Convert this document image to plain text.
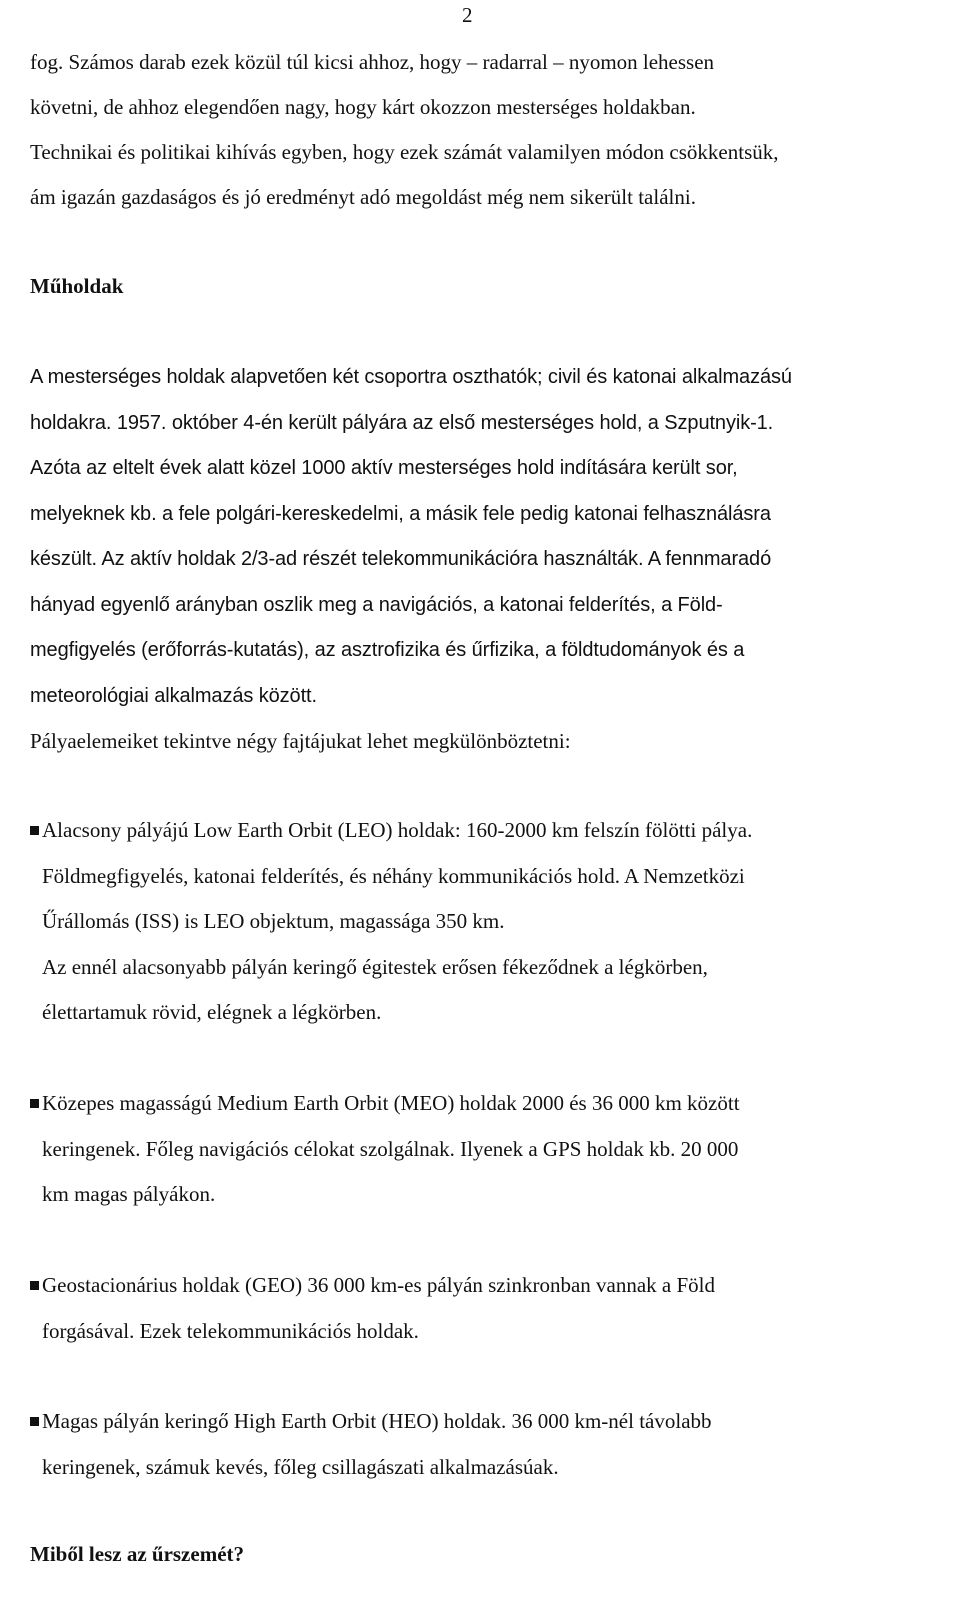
2

fog. Számos darab ezek közül túl kicsi ahhoz, hogy – radarral – nyomon lehessen

követni, de ahhoz elegendően nagy, hogy kárt okozzon mesterséges holdakban.

Technikai és politikai kihívás egyben, hogy ezek számát valamilyen módon csökkentsük,

ám igazán gazdaságos és jó eredményt adó megoldást még nem sikerült találni.

Műholdak

A mesterséges holdak alapvetően két csoportra oszthatók; civil és katonai alkalmazású

holdakra. 1957. október 4-én került pályára az első mesterséges hold, a Szputnyik-1.

Azóta az eltelt évek alatt közel 1000 aktív mesterséges hold indítására került sor,

melyeknek kb. a fele polgári-kereskedelmi, a másik fele pedig katonai felhasználásra

készült. Az aktív holdak 2/3-ad részét telekommunikációra használták. A fennmaradó

hányad egyenlő arányban oszlik meg a navigációs, a katonai felderítés, a Föld-

megfigyelés (erőforrás-kutatás), az asztrofizika és űrfizika, a földtudományok és a

meteorológiai alkalmazás között.

Pályaelemeiket tekintve négy fajtájukat lehet megkülönböztetni:

Alacsony pályájú Low Earth Orbit (LEO) holdak: 160-2000 km felszín fölötti pálya.
Földmegfigyelés, katonai felderítés, és néhány kommunikációs hold. A Nemzetközi
Űrállomás (ISS) is LEO objektum, magassága 350 km.
Az ennél alacsonyabb pályán keringő égitestek erősen fékeződnek a légkörben,
élettartamuk rövid, elégnek a légkörben.
Közepes magasságú Medium Earth Orbit (MEO) holdak 2000 és 36 000 km között
keringenek. Főleg navigációs célokat szolgálnak. Ilyenek a GPS holdak kb. 20 000
km magas pályákon.
Geostacionárius holdak (GEO) 36 000 km-es pályán szinkronban vannak a Föld
forgásával. Ezek telekommunikációs holdak.
Magas pályán keringő High Earth Orbit (HEO) holdak. 36 000 km-nél távolabb
keringenek, számuk kevés, főleg csillagászati alkalmazásúak.
Miből lesz az űrszemét?
